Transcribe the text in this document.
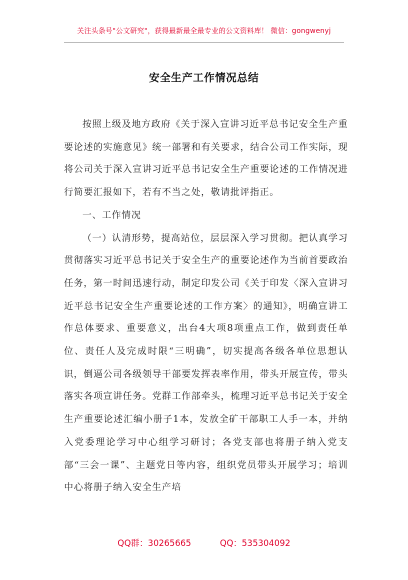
关注头条号"公文研究"，获得最新最全最专业的公文资料库！ 微信：gongwenyj
安全生产工作情况总结

按照上级及地方政府《关于深入宣讲习近平总书记安全生产重要论述的实施意见》统一部署和有关要求，结合公司工作实际，现将公司关于深入宣讲习近平总书记安全生产重要论述的工作情况进行简要汇报如下，若有不当之处，敬请批评指正。

一、工作情况

（一）认清形势，提高站位，层层深入学习贯彻。把认真学习贯彻落实习近平总书记关于安全生产的重要论述作为当前首要政治任务，第一时间迅速行动，制定印发公司《关于印发〈深入宣讲习近平总书记安全生产重要论述的工作方案〉的通知》，明确宣讲工作总体要求、重要意义，出台4大项8项重点工作，做到责任单位、责任人及完成时限“三明确”，切实提高各级各单位思想认识，倒逼公司各级领导干部要发挥表率作用，带头开展宣传，带头落实各项宣讲任务。党群工作部牵头，梳理习近平总书记关于安全生产重要论述汇编小册子1本，发放全矿干部职工人手一本，并纳入党委理论学习中心组学习研讨；各党支部也将册子纳入党支部“三会一课”、主题党日等内容，组织党员带头开展学习；培训中心将册子纳入安全生产培

QQ群：30265665	QQ：535304092
